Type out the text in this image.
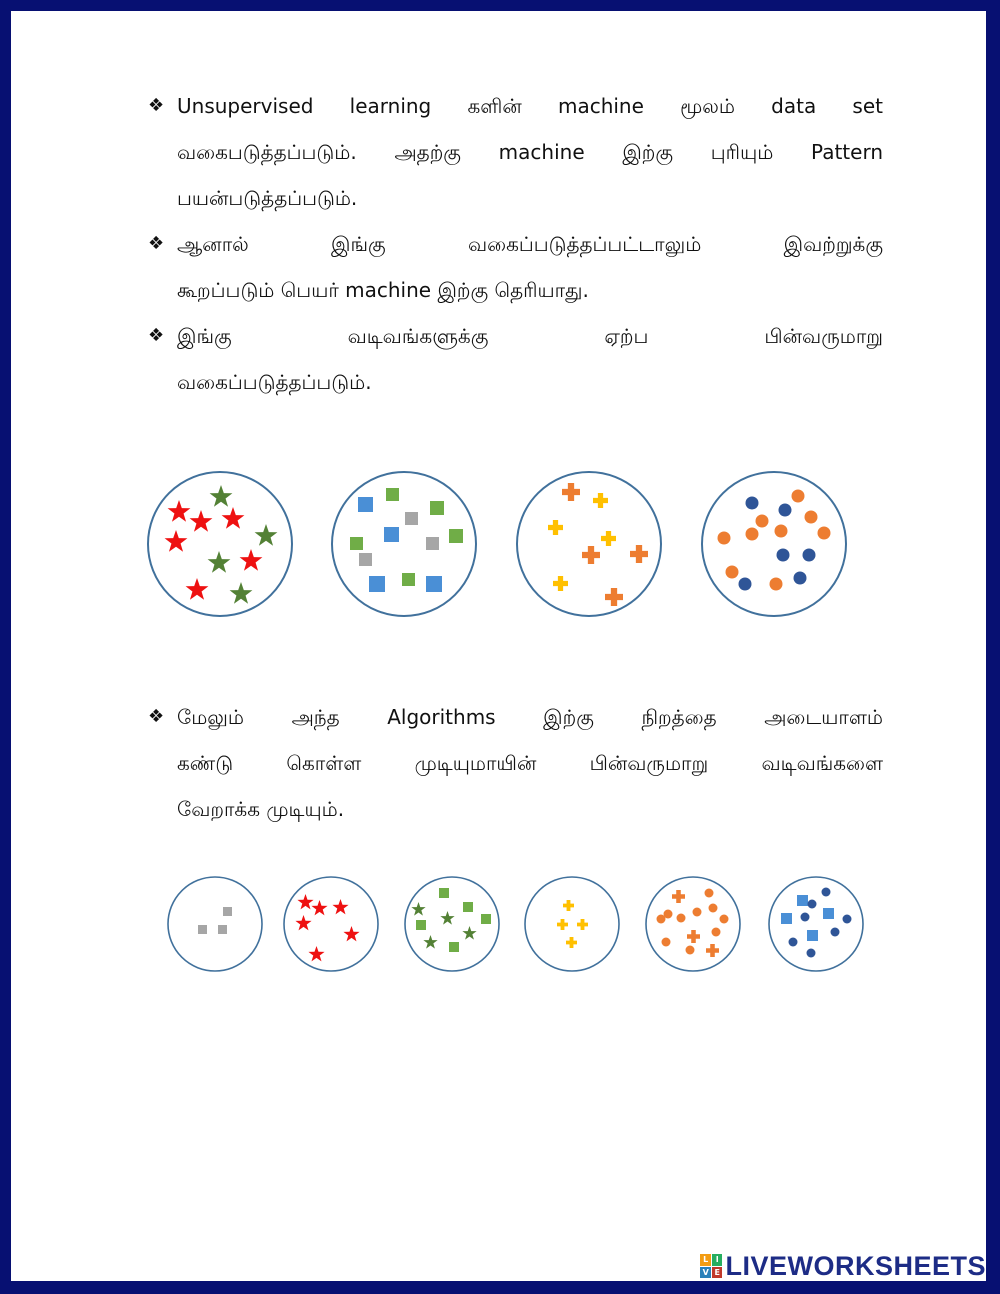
❖ Unsupervised learning களின் machine மூலம் data set

வகைபடுத்தப்படும். அதற்கு machine இற்கு புரியும் Pattern

பயன்படுத்தப்படும்.

❖ ஆனால் இங்கு வகைப்படுத்தப்பட்டாலும் இவற்றுக்கு

கூறப்படும் பெயர் machine இற்கு தெரியாது.

❖ இங்கு வடிவங்களுக்கு ஏற்ப பின்வருமாறு

வகைப்படுத்தப்படும்.

❖ மேலும் அந்த Algorithms இற்கு நிறத்தை அடையாளம்

கண்டு கொள்ள முடியுமாயின் பின்வருமாறு வடிவங்களை

வேறாக்க முடியும்.

L I
V E LIVEWORKSHEETS
